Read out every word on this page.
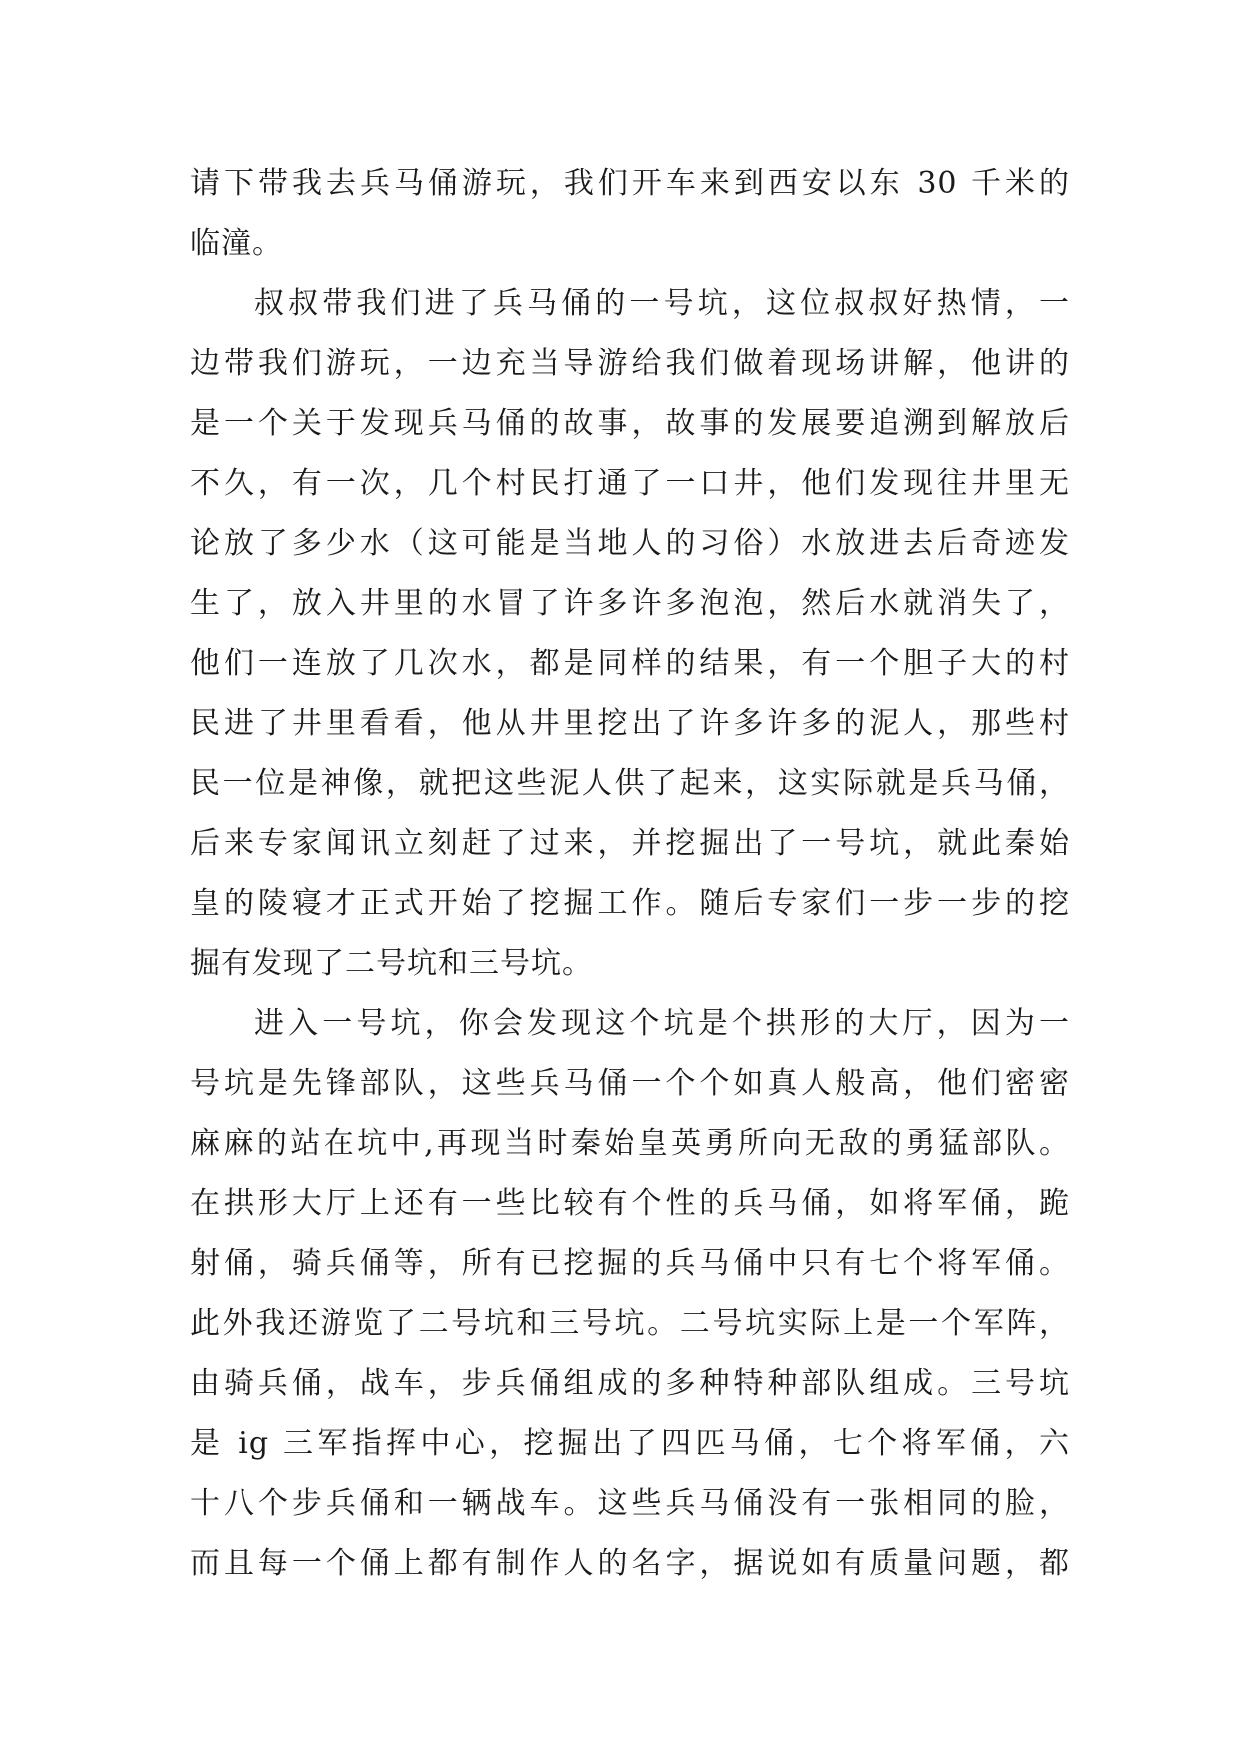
请下带我去兵马俑游玩，我们开车来到西安以东 30 千米的
临潼。
叔叔带我们进了兵马俑的一号坑，这位叔叔好热情，一
边带我们游玩，一边充当导游给我们做着现场讲解，他讲的
是一个关于发现兵马俑的故事，故事的发展要追溯到解放后
不久，有一次，几个村民打通了一口井，他们发现往井里无
论放了多少水（这可能是当地人的习俗）水放进去后奇迹发
生了，放入井里的水冒了许多许多泡泡，然后水就消失了，
他们一连放了几次水，都是同样的结果，有一个胆子大的村
民进了井里看看，他从井里挖出了许多许多的泥人，那些村
民一位是神像，就把这些泥人供了起来，这实际就是兵马俑，
后来专家闻讯立刻赶了过来，并挖掘出了一号坑，就此秦始
皇的陵寝才正式开始了挖掘工作。随后专家们一步一步的挖
掘有发现了二号坑和三号坑。
进入一号坑，你会发现这个坑是个拱形的大厅，因为一
号坑是先锋部队，这些兵马俑一个个如真人般高，他们密密
麻麻的站在坑中,再现当时秦始皇英勇所向无敌的勇猛部队。
在拱形大厅上还有一些比较有个性的兵马俑，如将军俑，跪
射俑，骑兵俑等，所有已挖掘的兵马俑中只有七个将军俑。
此外我还游览了二号坑和三号坑。二号坑实际上是一个军阵，
由骑兵俑，战车，步兵俑组成的多种特种部队组成。三号坑
是 ig 三军指挥中心，挖掘出了四匹马俑，七个将军俑，六
十八个步兵俑和一辆战车。这些兵马俑没有一张相同的脸，
而且每一个俑上都有制作人的名字，据说如有质量问题，都
